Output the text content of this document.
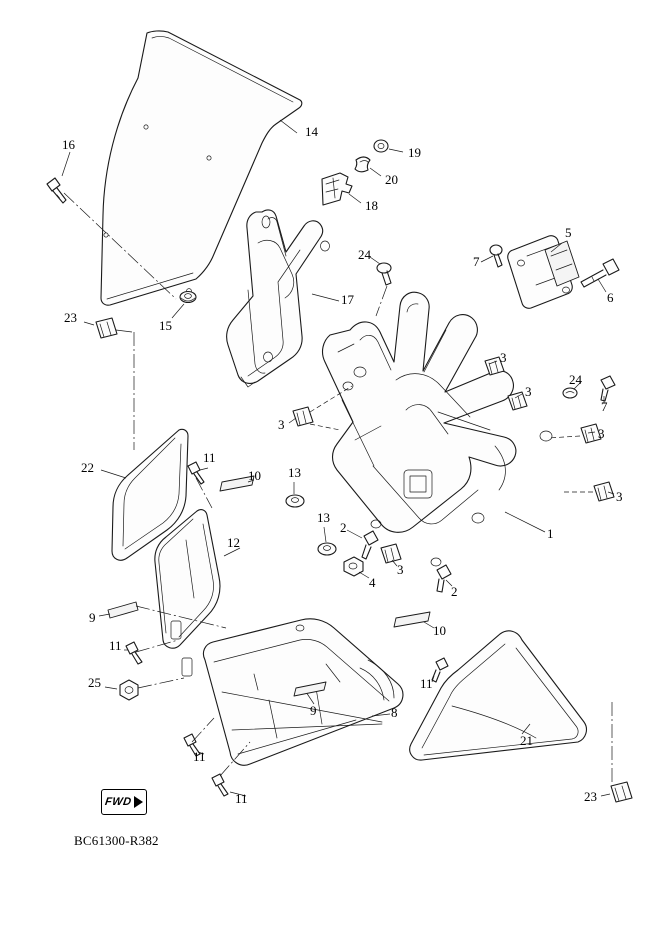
16
14
19
20
18
5
7
24
6
17
15
23
3
3
24
7
3
3
3
22
11
10 13
13
2	1
12
3
4
2
9
11
10
11
25
9	8
21
11
11	23
FWD
BC61300-R382
